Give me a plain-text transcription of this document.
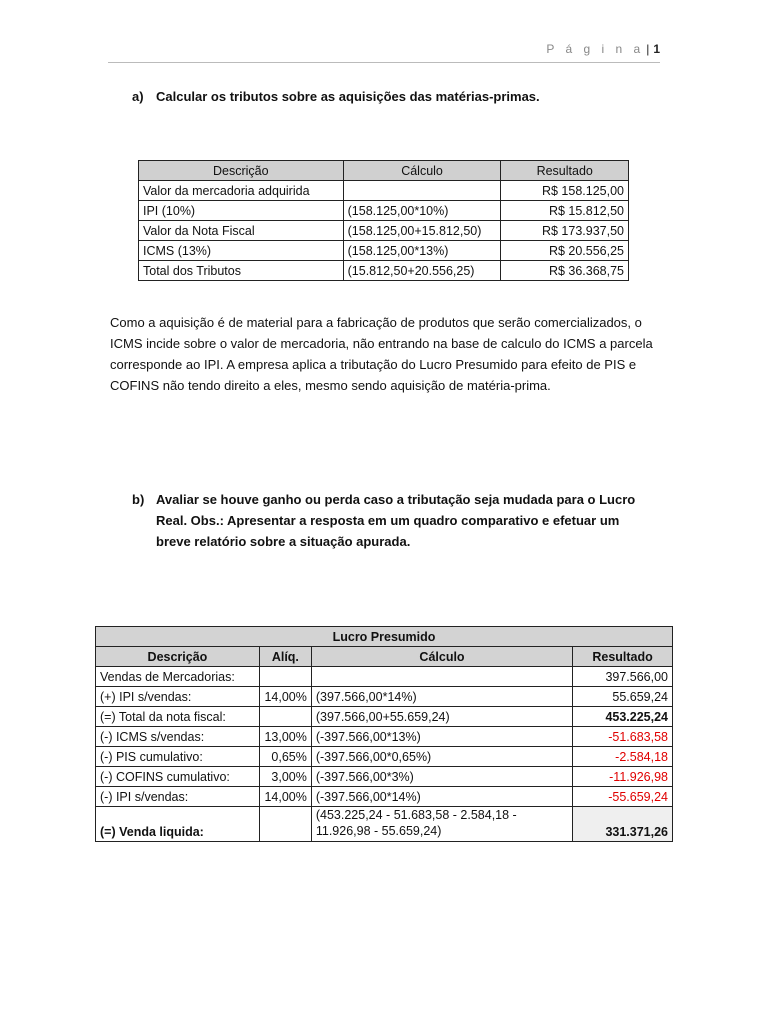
P á g i n a | 1
a) Calcular os tributos sobre as aquisições das matérias-primas.
Descrição	Cálculo	Resultado
Valor da mercadoria adquirida		R$ 158.125,00
IPI (10%)	(158.125,00*10%)	R$ 15.812,50
Valor da Nota Fiscal	(158.125,00+15.812,50)	R$ 173.937,50
ICMS (13%)	(158.125,00*13%)	R$ 20.556,25
Total dos Tributos	(15.812,50+20.556,25)	R$ 36.368,75
Como a aquisição é de material para a fabricação de produtos que serão comercializados, o ICMS incide sobre o valor de mercadoria, não entrando na base de calculo do ICMS a parcela corresponde ao IPI. A empresa aplica a tributação do Lucro Presumido para efeito de PIS e COFINS não tendo direito a eles, mesmo sendo aquisição de matéria-prima.
b) Avaliar se houve ganho ou perda caso a tributação seja mudada para o Lucro
Real. Obs.: Apresentar a resposta em um quadro comparativo e efetuar um
breve relatório sobre a situação apurada.
Lucro Presumido			
Descrição	Alíq.	Cálculo	Resultado
Vendas de Mercadorias:			397.566,00
(+) IPI s/vendas:	14,00%	(397.566,00*14%)	55.659,24
(=) Total da nota fiscal:		(397.566,00+55.659,24)	453.225,24
(-) ICMS s/vendas:	13,00%	(-397.566,00*13%)	-51.683,58
(-) PIS cumulativo:	0,65%	(-397.566,00*0,65%)	-2.584,18
(-) COFINS cumulativo:	3,00%	(-397.566,00*3%)	-11.926,98
(-) IPI s/vendas:	14,00%	(-397.566,00*14%)	-55.659,24
(=) Venda liquida:		(453.225,24 - 51.683,58 - 2.584,18 - 11.926,98 - 55.659,24)	331.371,26
